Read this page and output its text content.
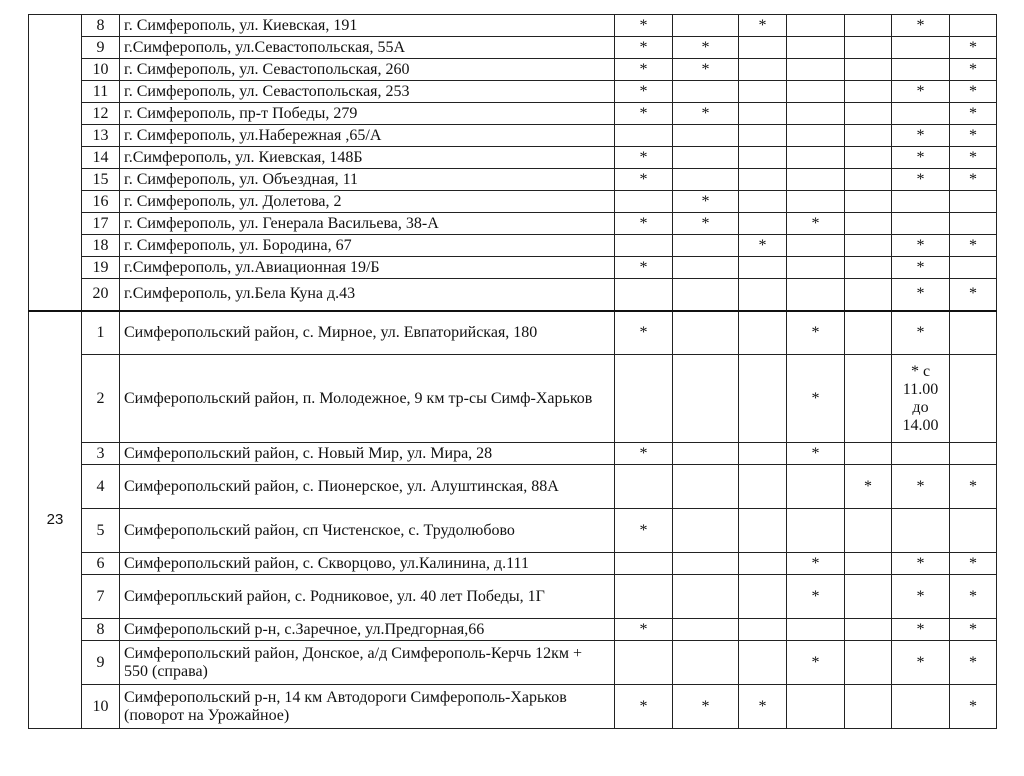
	8	г. Симферополь, ул. Киевская, 191	*		*			*	
	9	г.Симферополь, ул.Севастопольская, 55А	*	*					*
	10	г. Симферополь, ул. Севастопольская, 260	*	*					*
	11	г. Симферополь, ул. Севастопольская, 253	*					*	*
	12	г. Симферополь, пр-т Победы, 279	*	*					*
	13	г. Симферополь, ул.Набережная ,65/А						*	*
	14	г.Симферополь, ул. Киевская, 148Б	*					*	*
	15	г. Симферополь, ул. Объездная, 11	*					*	*
	16	г. Симферополь, ул. Долетова, 2		*					
	17	г. Симферополь, ул. Генерала Васильева, 38-А	*	*		*			
	18	г. Симферополь, ул. Бородина, 67			*			*	*
	19	г.Симферополь, ул.Авиационная 19/Б	*					*	
	20	г.Симферополь, ул.Бела Куна д.43						*	*
23	1	Симферопольский район, с. Мирное, ул. Евпаторийская, 180	*			*		*	
	2	Симферопольский район, п. Молодежное, 9 км тр-сы Симф-Харьков				*		* с 11.00 до 14.00	
	3	Симферопольский район, с. Новый Мир, ул. Мира, 28	*			*			
	4	Симферопольский район, с. Пионерское, ул. Алуштинская, 88А					*	*	*
	5	Симферопольский район, сп Чистенское, с. Трудолюбово	*						
	6	Симферопольский район, с. Скворцово, ул.Калинина, д.111				*		*	*
	7	Симфеpoпльский район, с. Родниковое, ул. 40 лет Победы, 1Г				*		*	*
	8	Симферопольский р-н, с.Заречное, ул.Предгорная,66	*					*	*
	9	Симферопольский район, Донское, а/д Симферополь-Керчь 12км + 550 (справа)				*		*	*
	10	Симферопольский р-н, 14 км Автодороги Симферополь-Харьков (поворот на Урожайное)	*	*	*				*
